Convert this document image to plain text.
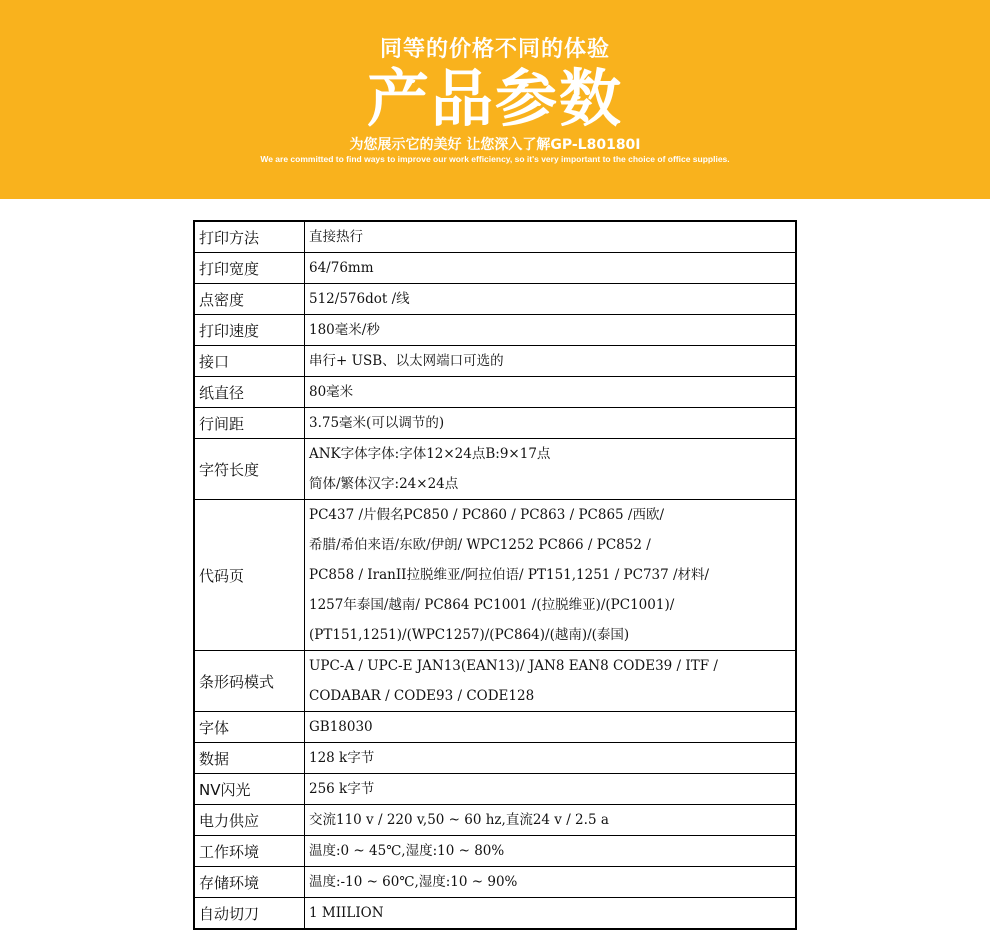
同等的价格不同的体验
产品参数
为您展示它的美好 让您深入了解GP-L80180I
We are committed to find ways to improve our work efficiency, so it's very important to the choice of office supplies.
打印方法	直接热行

打印宽度	64/76mm

点密度	512/576dot /线

打印速度	180毫米/秒

接口	串行+ USB、以太网端口可选的

纸直径	80毫米

行间距	3.75毫米(可以调节的)

字符长度	ANK字体字体:字体12×24点B:9×17点
简体/繁体汉字:24×24点

代码页	PC437 /片假名PC850 / PC860 / PC863 / PC865 /西欧/
希腊/希伯来语/东欧/伊朗/ WPC1252 PC866 / PC852 /
PC858 / IranII拉脱维亚/阿拉伯语/ PT151,1251 / PC737 /材料/
1257年泰国/越南/ PC864 PC1001 /(拉脱维亚)/(PC1001)/
(PT151,1251)/(WPC1257)/(PC864)/(越南)/(泰国)

条形码模式	UPC-A / UPC-E JAN13(EAN13)/ JAN8 EAN8 CODE39 / ITF /
CODABAR / CODE93 / CODE128

字体	GB18030

数据	128 k字节

NV闪光	256 k字节

电力供应	交流110 v / 220 v,50 ~ 60 hz,直流24 v / 2.5 a

工作环境	温度:0 ~ 45℃,湿度:10 ~ 80%

存储环境	温度:-10 ~ 60℃,湿度:10 ~ 90%

自动切刀	1 MIILION
